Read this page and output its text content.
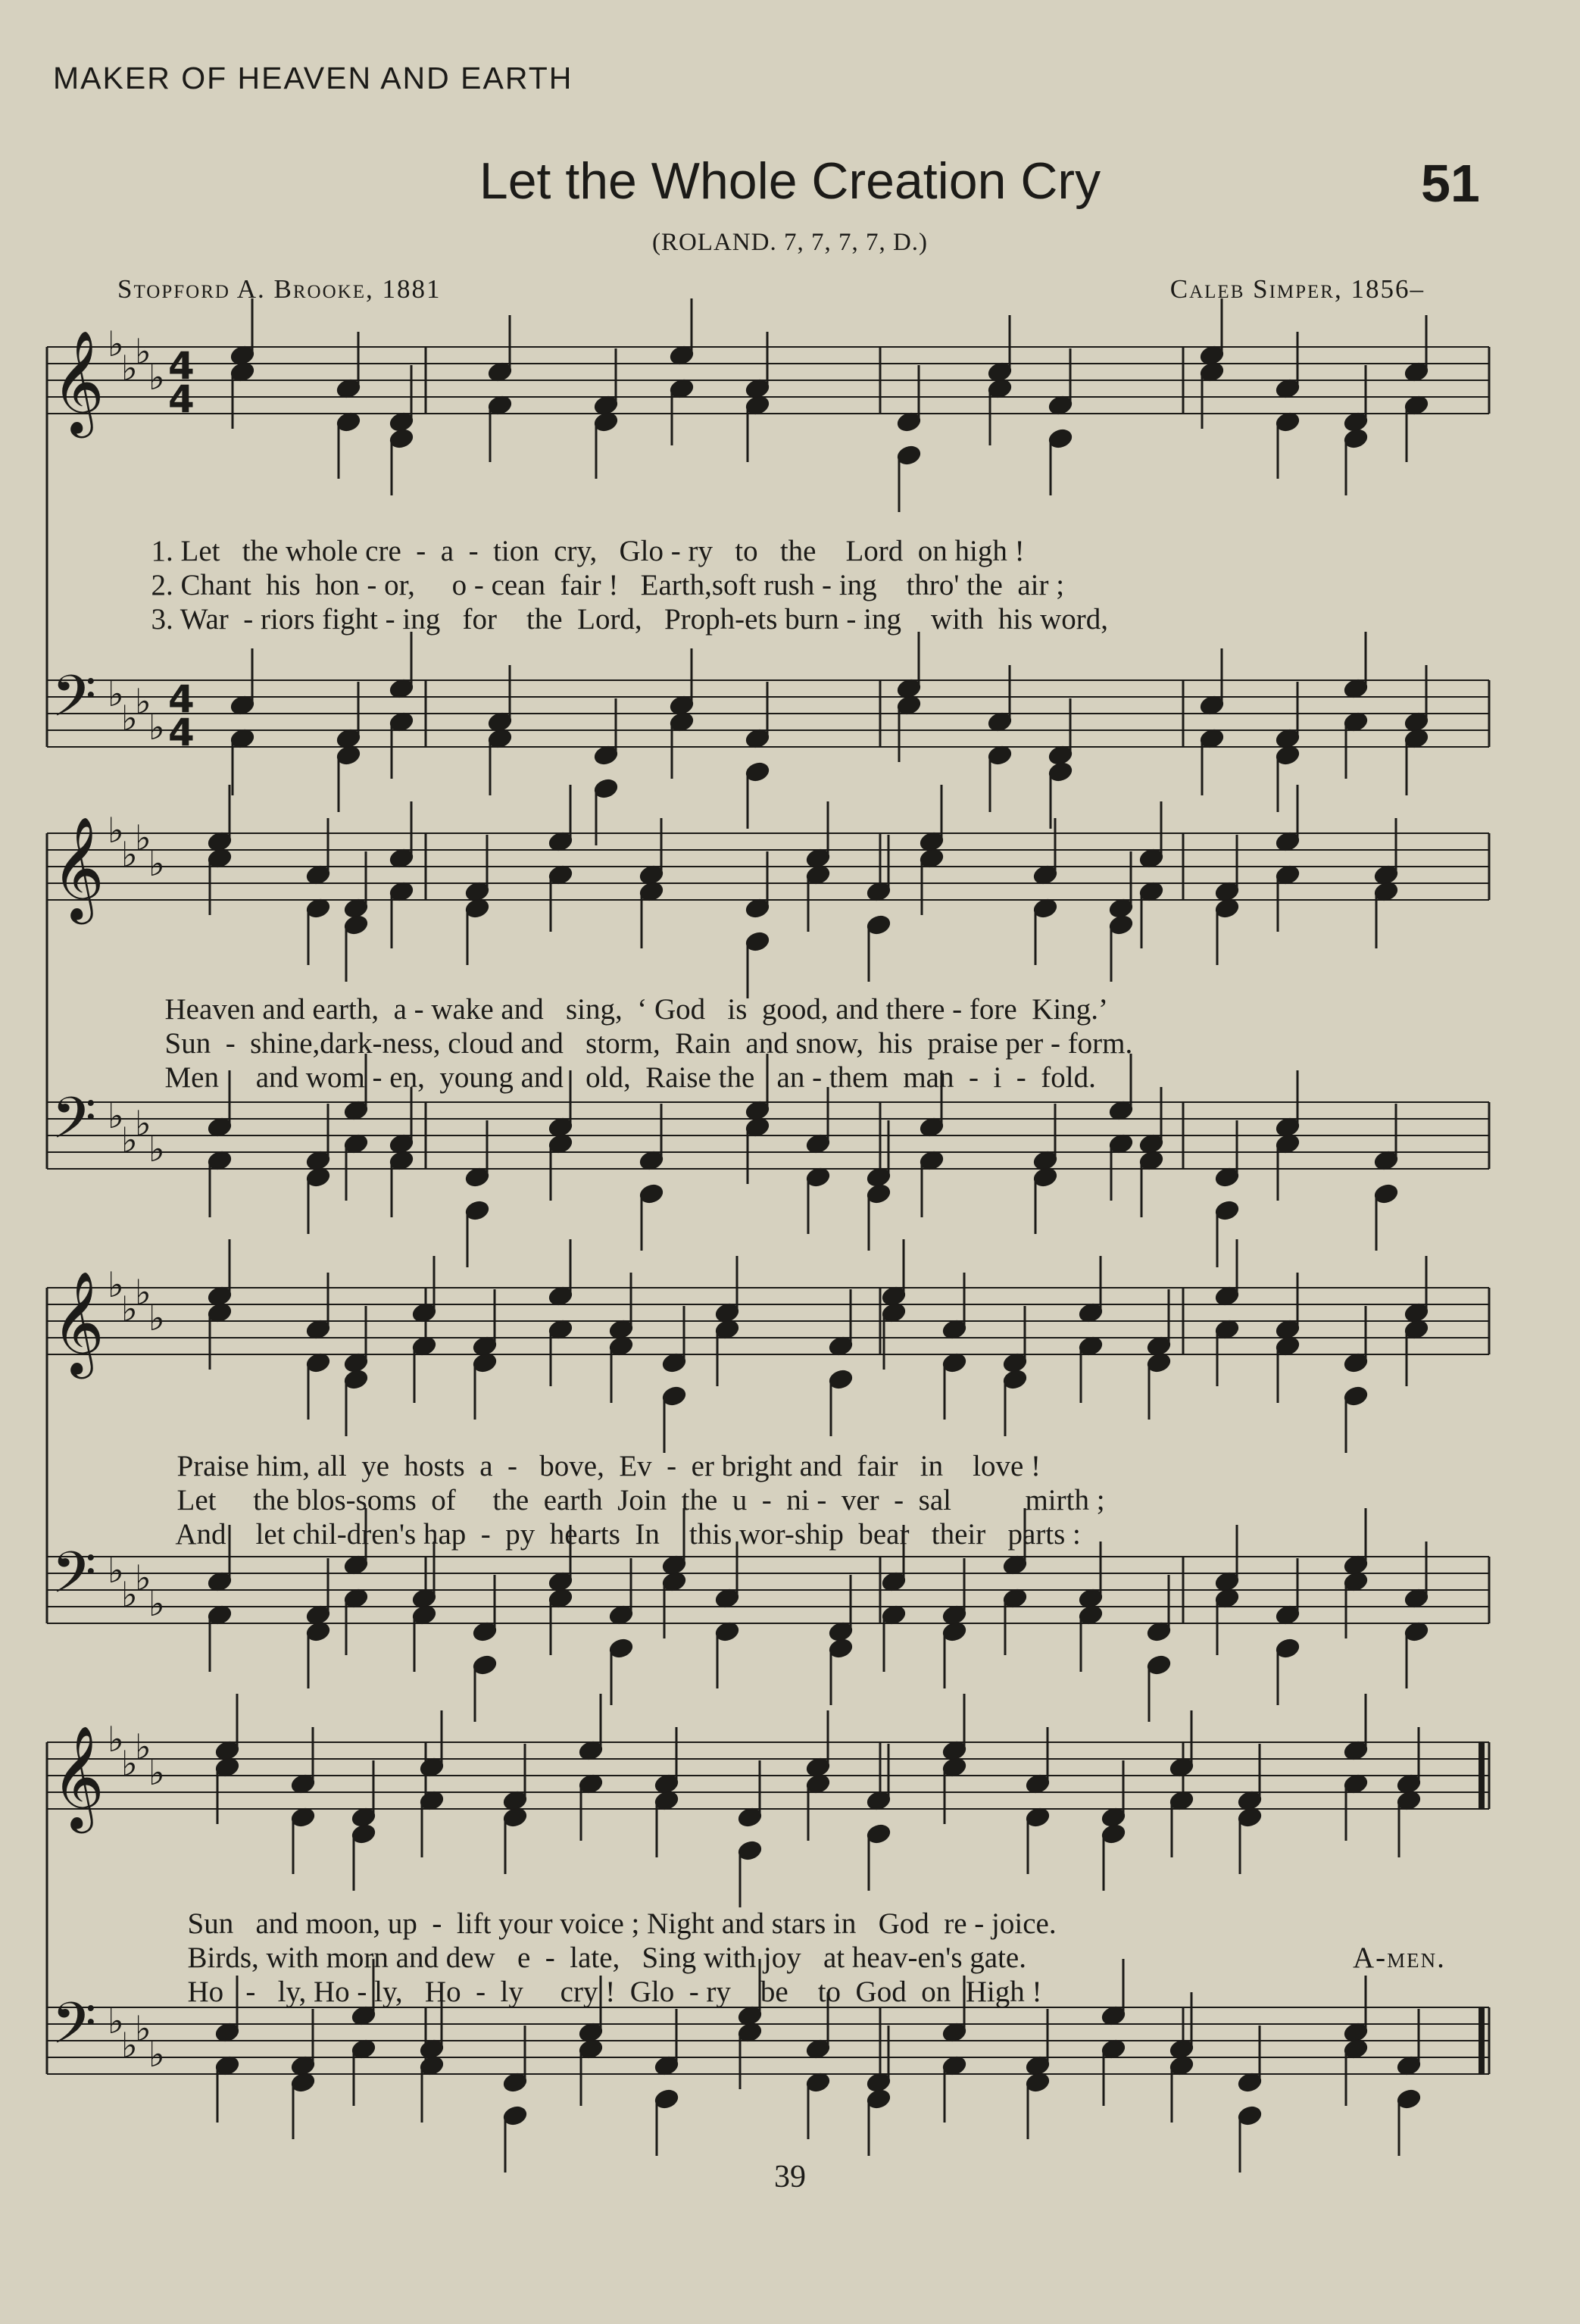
MAKER OF HEAVEN AND EARTH
Let the Whole Creation Cry	51
(ROLAND. 7, 7, 7, 7, D.)
Stopford A. Brooke, 1881	Caleb Simper, 1856–
𝄞 ♭
♭
♭
♭ 4
4
𝄢 ♭
♭
♭
♭
4
4
𝄞 ♭
♭
♭
♭
𝄢 ♭
♭
♭
♭
𝄞 ♭
♭
♭
♭
𝄢 ♭
♭
♭
♭
𝄞 ♭
♭
♭
♭
𝄢 ♭
♭
♭
♭

1. Let the whole cre  -  a  -  tion  cry, Glo - ry   to   the Lord  on high !

2. Chant his  hon - or,     o - cean  fair ! Earth,soft rush - ing thro' the  air ;

3. War  - riors fight - ing   for    the  Lord, Proph-ets burn - ing with  his word,

Heaven and earth,  a - wake and sing, ‘ God   is  good, and there - fore  King.’

Sun  -  shine,dark-ness, cloud and storm, Rain  and snow,  his  praise per - form.

Men     and wom - en,  young and old, Raise the   an - them  man  -  i  -  fold.

Praise him, all  ye  hosts a  -   bove, Ev  -  er bright and  fair in love !

Let     the blos-soms  of the  earth Join  the  u  -  ni -  ver  -  sal	mirth ;

And    let chil-dren's hap  -  py hearts In    this wor-ship  bear their parts :

Sun   and moon, up  -  lift your voice ; Night and stars in   God  re - joice.

Birds, with morn and dew   e  -  late, Sing with joy   at heav-en's gate.

Ho   -   ly, Ho - ly,   Ho  -  ly     cry ! Glo  - ry    be    to  God  on  High !

A-men.
39
